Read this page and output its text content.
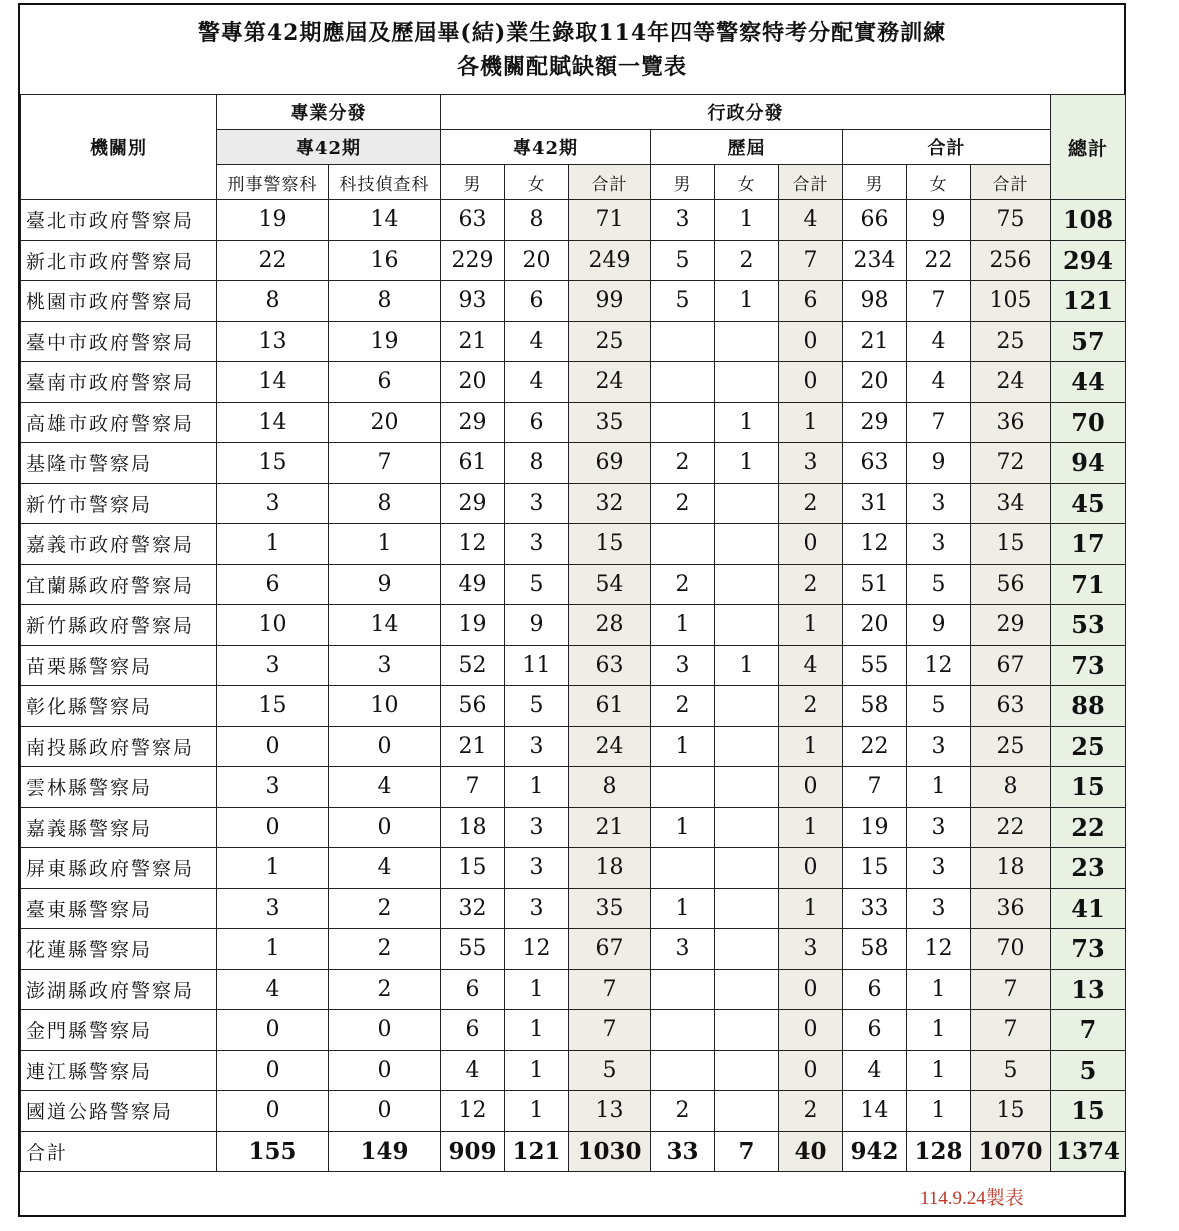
警專第42期應屆及歷屆畢(結)業生錄取114年四等警察特考分配實務訓練
各機關配賦缺額一覽表
機關別	專業分發		行政分發									總計
	專42期		專42期			歷屆			合計			
	刑事警察科	科技偵查科	男	女	合計	男	女	合計	男	女	合計	
臺北市政府警察局	19	14	63	8	71	3	1	4	66	9	75	108
新北市政府警察局	22	16	229	20	249	5	2	7	234	22	256	294
桃園市政府警察局	8	8	93	6	99	5	1	6	98	7	105	121
臺中市政府警察局	13	19	21	4	25			0	21	4	25	57
臺南市政府警察局	14	6	20	4	24			0	20	4	24	44
高雄市政府警察局	14	20	29	6	35		1	1	29	7	36	70
基隆市警察局	15	7	61	8	69	2	1	3	63	9	72	94
新竹市警察局	3	8	29	3	32	2		2	31	3	34	45
嘉義市政府警察局	1	1	12	3	15			0	12	3	15	17
宜蘭縣政府警察局	6	9	49	5	54	2		2	51	5	56	71
新竹縣政府警察局	10	14	19	9	28	1		1	20	9	29	53
苗栗縣警察局	3	3	52	11	63	3	1	4	55	12	67	73
彰化縣警察局	15	10	56	5	61	2		2	58	5	63	88
南投縣政府警察局	0	0	21	3	24	1		1	22	3	25	25
雲林縣警察局	3	4	7	1	8			0	7	1	8	15
嘉義縣警察局	0	0	18	3	21	1		1	19	3	22	22
屏東縣政府警察局	1	4	15	3	18			0	15	3	18	23
臺東縣警察局	3	2	32	3	35	1		1	33	3	36	41
花蓮縣警察局	1	2	55	12	67	3		3	58	12	70	73
澎湖縣政府警察局	4	2	6	1	7			0	6	1	7	13
金門縣警察局	0	0	6	1	7			0	6	1	7	7
連江縣警察局	0	0	4	1	5			0	4	1	5	5
國道公路警察局	0	0	12	1	13	2		2	14	1	15	15
合計	155	149	909	121	1030	33	7	40	942	128	1070	1374
114.9.24製表
